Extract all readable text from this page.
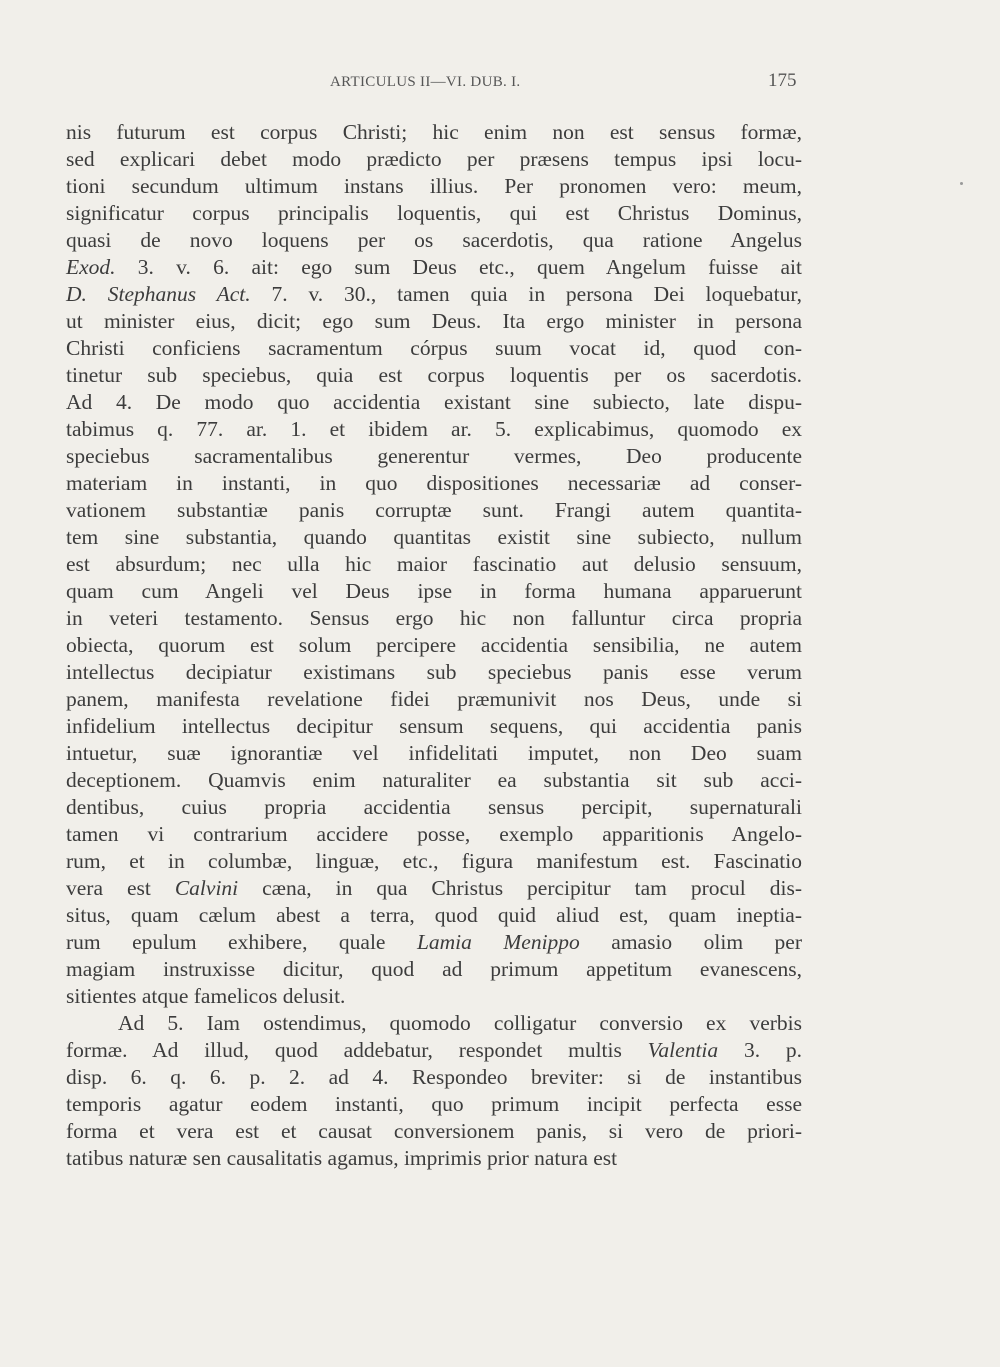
ARTICULUS II—VI. DUB. I.	175
nis futurum est corpus Christi; hic enim non est sensus formæ,
sed explicari debet modo prædicto per præsens tempus ipsi locu-
tioni secundum ultimum instans illius. Per pronomen vero: meum,
significatur corpus principalis loquentis, qui est Christus Dominus,
quasi de novo loquens per os sacerdotis, qua ratione Angelus
Exod. 3. v. 6. ait: ego sum Deus etc., quem Angelum fuisse ait
D. Stephanus Act. 7. v. 30., tamen quia in persona Dei loquebatur,
ut minister eius, dicit; ego sum Deus. Ita ergo minister in persona
Christi conficiens sacramentum córpus suum vocat id, quod con-
tinetur sub speciebus, quia est corpus loquentis per os sacerdotis.
Ad 4. De modo quo accidentia existant sine subiecto, late dispu-
tabimus q. 77. ar. 1. et ibidem ar. 5. explicabimus, quomodo ex
speciebus sacramentalibus generentur vermes, Deo producente
materiam in instanti, in quo dispositiones necessariæ ad conser-
vationem substantiæ panis corruptæ sunt. Frangi autem quantita-
tem sine substantia, quando quantitas existit sine subiecto, nullum
est absurdum; nec ulla hic maior fascinatio aut delusio sensuum,
quam cum Angeli vel Deus ipse in forma humana apparuerunt
in veteri testamento. Sensus ergo hic non falluntur circa propria
obiecta, quorum est solum percipere accidentia sensibilia, ne autem
intellectus decipiatur existimans sub speciebus panis esse verum
panem, manifesta revelatione fidei præmunivit nos Deus, unde si
infidelium intellectus decipitur sensum sequens, qui accidentia panis
intuetur, suæ ignorantiæ vel infidelitati imputet, non Deo suam
deceptionem. Quamvis enim naturaliter ea substantia sit sub acci-
dentibus, cuius propria accidentia sensus percipit, supernaturali
tamen vi contrarium accidere posse, exemplo apparitionis Angelo-
rum, et in columbæ, linguæ, etc., figura manifestum est. Fascinatio
vera est Calvini cæna, in qua Christus percipitur tam procul dis-
situs, quam cælum abest a terra, quod quid aliud est, quam ineptia-
rum epulum exhibere, quale Lamia Menippo amasio olim per
magiam instruxisse dicitur, quod ad primum appetitum evanescens,
sitientes atque famelicos delusit.
Ad 5. Iam ostendimus, quomodo colligatur conversio ex verbis
formæ. Ad illud, quod addebatur, respondet multis Valentia 3. p.
disp. 6. q. 6. p. 2. ad 4. Respondeo breviter: si de instantibus
temporis agatur eodem instanti, quo primum incipit perfecta esse
forma et vera est et causat conversionem panis, si vero de priori-
tatibus naturæ sen causalitatis agamus, imprimis prior natura est
